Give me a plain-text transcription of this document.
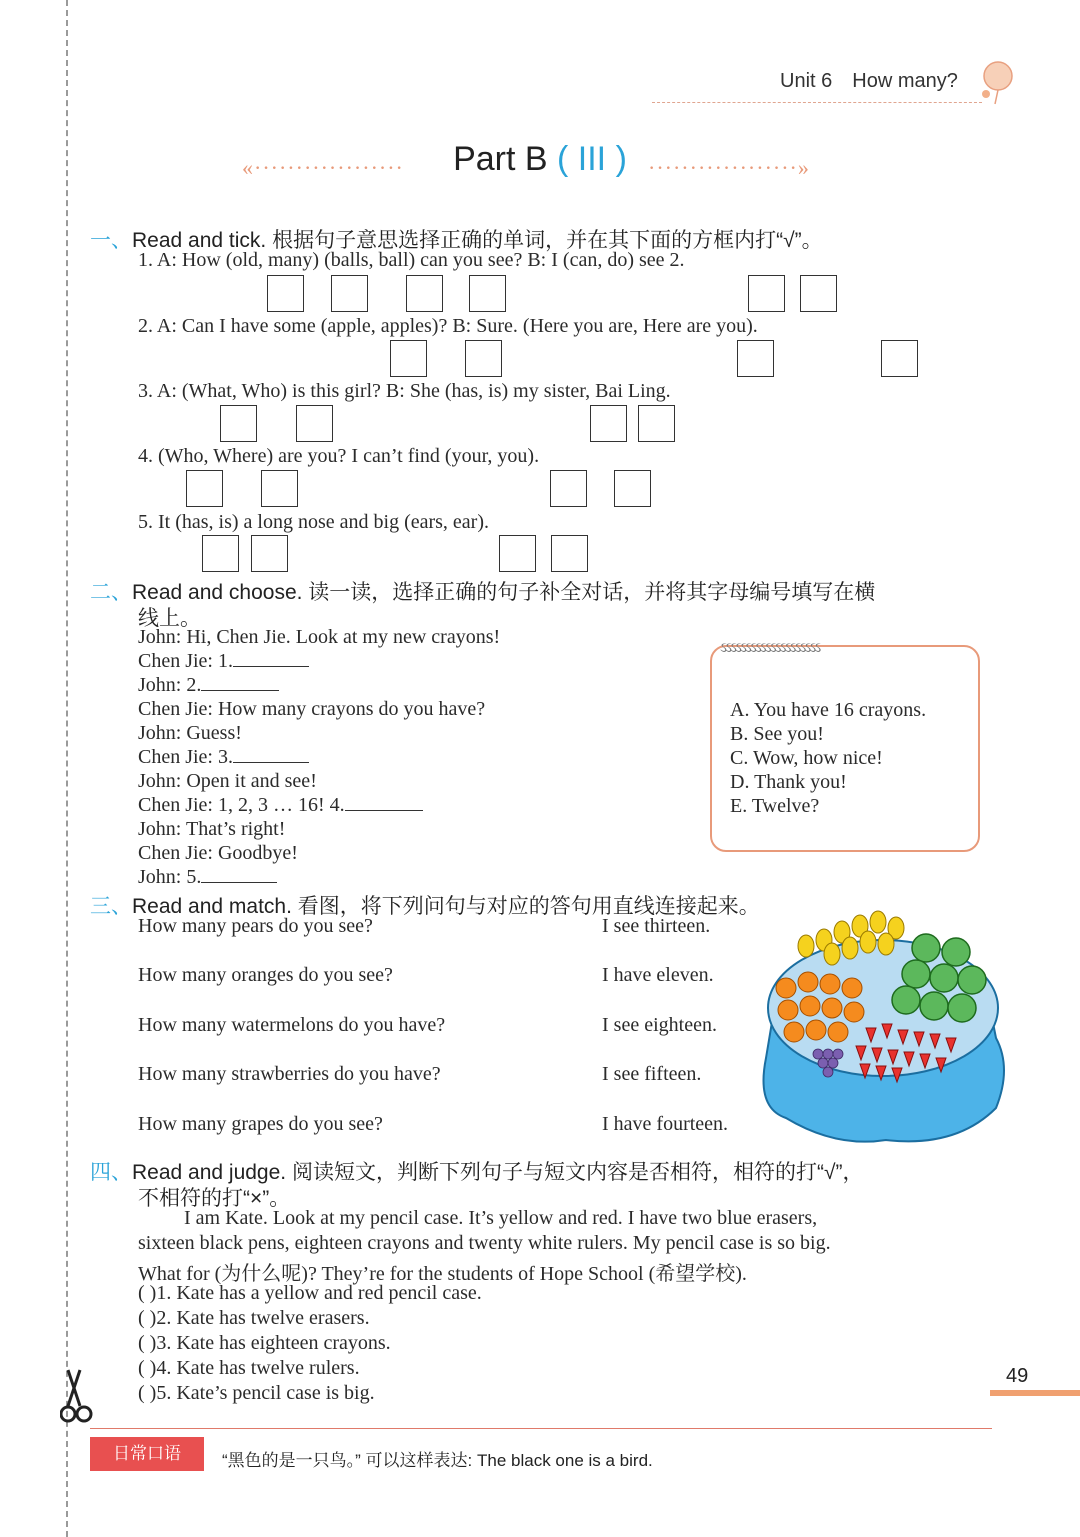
Unit 6 How many?
«··················	Part B ( III ) ··················»
一、Read and tick. 根据句子意思选择正确的单词，并在其下面的方框内打“√”。
1. A: How (old, many) (balls, ball) can you see? B: I (can, do) see 2.
2. A: Can I have some (apple, apples)? B: Sure. (Here you are, Here are you).
3. A: (What, Who) is this girl? B: She (has, is) my sister, Bai Ling.
4. (Who, Where) are you? I can’t find (your, you).
5. It (has, is) a long nose and big (ears, ear).
二、Read and choose. 读一读，选择正确的句子补全对话，并将其字母编号填写在横
线上。
John: Hi, Chen Jie. Look at my new crayons!
Chen Jie: 1.
John: 2.
Chen Jie: How many crayons do you have?
John: Guess!
Chen Jie: 3.
John: Open it and see!
Chen Jie: 1, 2, 3 … 16! 4.
John: That’s right!
Chen Jie: Goodbye!
John: 5.
ઽઽઽઽઽઽઽઽઽઽઽઽઽઽઽઽઽઽઽઽ
A. You have 16 crayons.
B. See you!
C. Wow, how nice!
D. Thank you!
E. Twelve?
三、Read and match. 看图，将下列问句与对应的答句用直线连接起来。
How many pears do you see?
How many oranges do you see?
How many watermelons do you have?
How many strawberries do you have?
How many grapes do you see?
I see thirteen.
I have eleven.
I see eighteen.
I see fifteen.
I have fourteen.
四、Read and judge. 阅读短文，判断下列句子与短文内容是否相符，相符的打“√”，
不相符的打“×”。
I am Kate. Look at my pencil case. It’s yellow and red. I have two blue erasers,
sixteen black pens, eighteen crayons and twenty white rulers. My pencil case is so big.
What for (为什么呢)? They’re for the students of Hope School (希望学校).
( )1. Kate has a yellow and red pencil case.
( )2. Kate has twelve erasers.
( )3. Kate has eighteen crayons.
( )4. Kate has twelve rulers.
( )5. Kate’s pencil case is big.
49
日常口语	“黑色的是一只鸟。” 可以这样表达: The black one is a bird.
